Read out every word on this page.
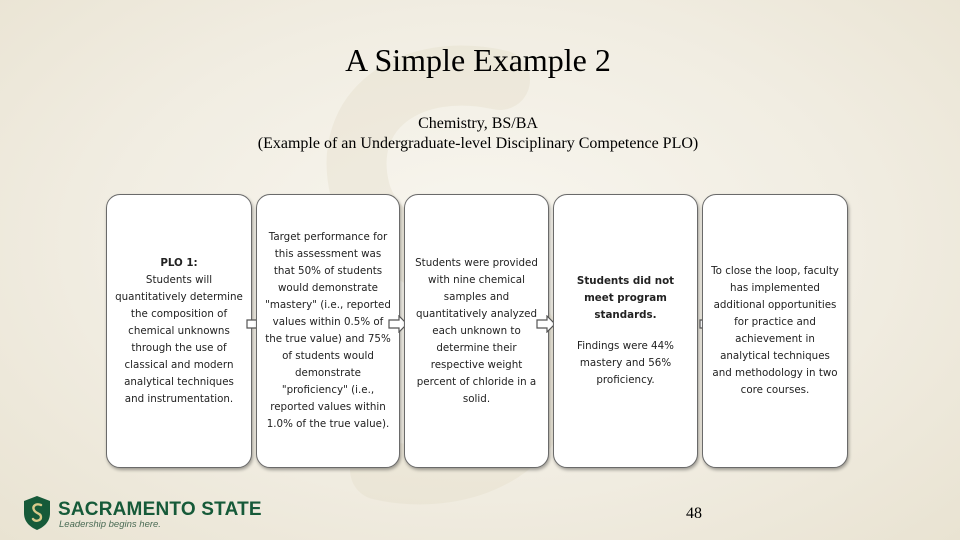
A Simple Example 2
Chemistry, BS/BA
(Example of an Undergraduate-level Disciplinary Competence PLO)

PLO 1:

Students will quantitatively determine the composition of chemical unknowns through the use of classical and modern analytical techniques and instrumentation.

Target performance for this assessment was that 50% of students would demonstrate "mastery" (i.e., reported values within 0.5% of the true value) and 75% of students would demonstrate "proficiency" (i.e., reported values within 1.0% of the true value).

Students were provided with nine chemical samples and quantitatively analyzed each unknown to determine their respective weight percent of chloride in a solid.

Students did not meet program standards.

Findings were 44% mastery and 56% proficiency.

To close the loop, faculty has implemented additional opportunities for practice and achievement in analytical techniques and methodology in two core courses.

SACRAMENTO STATE
Leadership begins here.
48
